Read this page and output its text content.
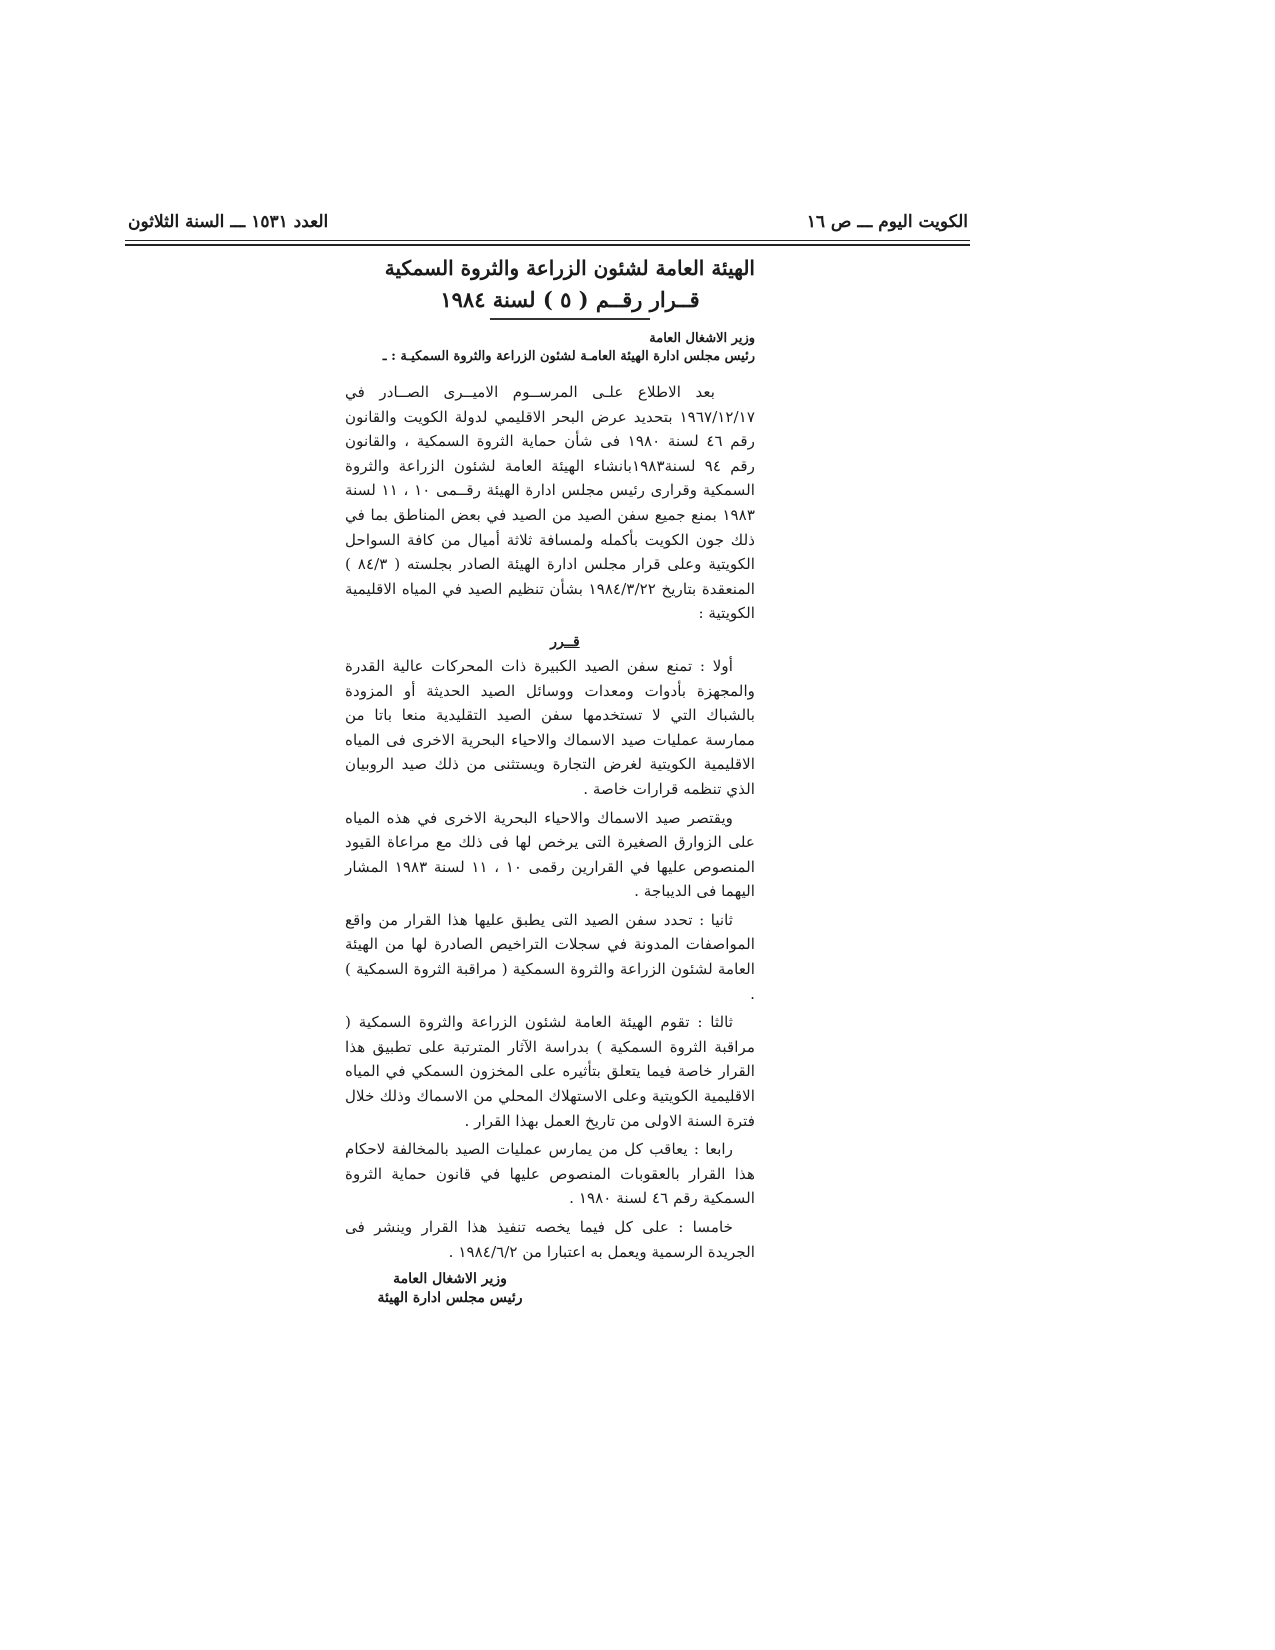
الكويت اليوم ـــ ص ١٦
العدد ١٥٣١ ـــ السنة الثلاثون
الهيئة العامة لشئون الزراعة والثروة السمكية
قــرار رقــم ( ٥ ) لسنة ١٩٨٤
وزير الاشغال العامة
رئيس مجلس ادارة الهيئة العامـة لشئون الزراعة والثروة السمكيـة : ـ

بعد الاطلاع علـى المرســوم الاميــرى الصــادر في ١٩٦٧/١٢/١٧ بتحديد عرض البحر الاقليمي لدولة الكويت والقانون رقم ٤٦ لسنة ١٩٨٠ فى شأن حماية الثروة السمكية ، والقانون رقم ٩٤ لسنة١٩٨٣بانشاء الهيئة العامة لشئون الزراعة والثروة السمكية وقرارى رئيس مجلس ادارة الهيئة رقــمى ١٠ ، ١١ لسنة ١٩٨٣ بمنع جميع سفن الصيد من الصيد في بعض المناطق بما في ذلك جون الكويت بأكمله ولمسافة ثلاثة أميال من كافة السواحل الكويتية وعلى قرار مجلس ادارة الهيئة الصادر بجلسته ( ٨٤/٣ ) المنعقدة بتاريخ ١٩٨٤/٣/٢٢ بشأن تنظيم الصيد في المياه الاقليمية الكويتية :

قــرر

أولا : تمنع سفن الصيد الكبيرة ذات المحركات عالية القدرة والمجهزة بأدوات ومعدات ووسائل الصيد الحديثة أو المزودة بالشباك التي لا تستخدمها سفن الصيد التقليدية منعا باتا من ممارسة عمليات صيد الاسماك والاحياء البحرية الاخرى فى المياه الاقليمية الكويتية لغرض التجارة ويستثنى من ذلك صيد الروبيان الذي تنظمه قرارات خاصة .

ويقتصر صيد الاسماك والاحياء البحرية الاخرى في هذه المياه على الزوارق الصغيرة التى يرخص لها فى ذلك مع مراعاة القيود المنصوص عليها في القرارين رقمى ١٠ ، ١١ لسنة ١٩٨٣ المشار اليهما فى الديباجة .

ثانيا : تحدد سفن الصيد التى يطبق عليها هذا القرار من واقع المواصفات المدونة في سجلات التراخيص الصادرة لها من الهيئة العامة لشئون الزراعة والثروة السمكية ( مراقبة الثروة السمكية ) .

ثالثا : تقوم الهيئة العامة لشئون الزراعة والثروة السمكية ( مراقبة الثروة السمكية ) بدراسة الآثار المترتبة على تطبيق هذا القرار خاصة فيما يتعلق بتأثيره على المخزون السمكي في المياه الاقليمية الكويتية وعلى الاستهلاك المحلي من الاسماك وذلك خلال فترة السنة الاولى من تاريخ العمل بهذا القرار .

رابعا : يعاقب كل من يمارس عمليات الصيد بالمخالفة لاحكام هذا القرار بالعقوبات المنصوص عليها في قانون حماية الثروة السمكية رقم ٤٦ لسنة ١٩٨٠ .

خامسا : على كل فيما يخصه تنفيذ هذا القرار وينشر فى الجريدة الرسمية ويعمل به اعتبارا من ١٩٨٤/٦/٢ .

وزير الاشغال العامة
رئيس مجلس ادارة الهيئة
